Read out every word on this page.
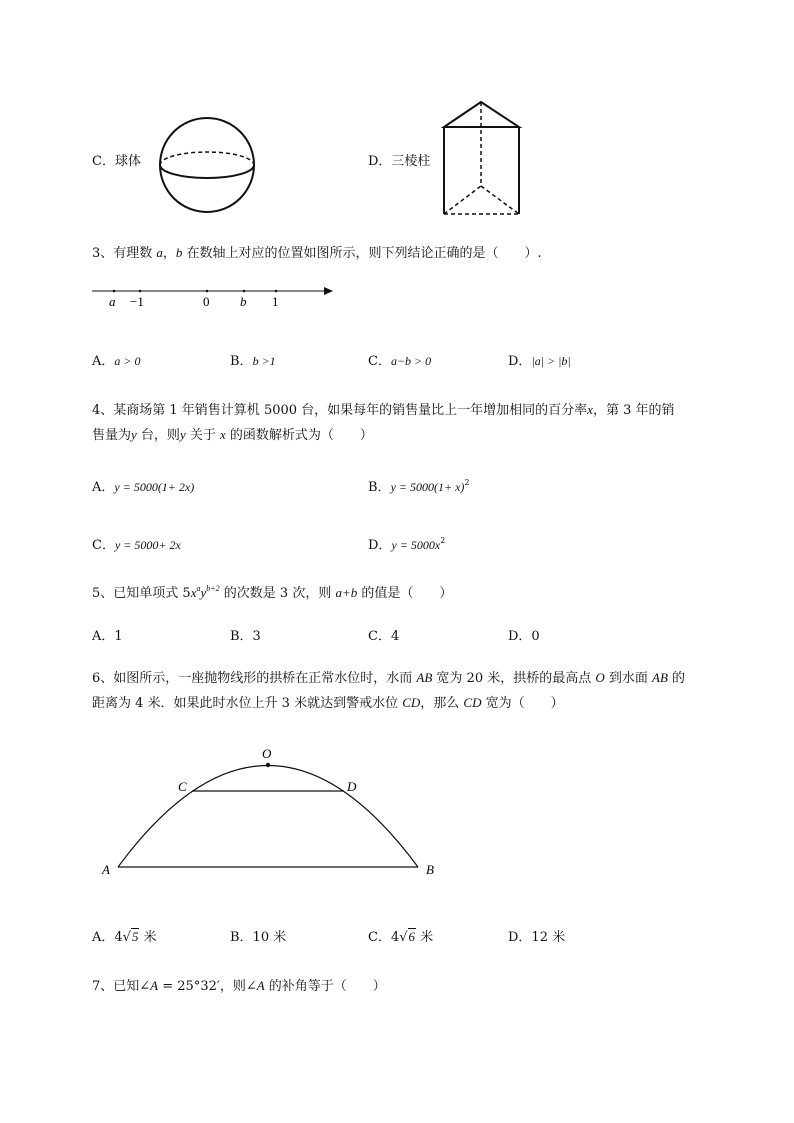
C．球体	D．三棱柱
3、有理数 a，b 在数轴上对应的位置如图所示，则下列结论正确的是（　　）.
a −1	0 b 1
A．a > 0	B．b >1	C．a−b > 0	D．|a| > |b|
4、某商场第 1 年销售计算机 5000 台，如果每年的销售量比上一年增加相同的百分率x，第 3 年的销
售量为y 台，则y 关于 x 的函数解析式为（　　）
A．y = 5000(1+ 2x)	B．$y = 5000(1+ x)^2$
C．y = 5000+ 2x	D．$y = 5000x^2$
5、已知单项式 $5x^ay^{b+2}$ 的次数是 3 次，则 a+b 的值是（　　）
A．1	B．3	C．4	D．0
6、如图所示，一座抛物线形的拱桥在正常水位时，水而 AB 宽为 20 米，拱桥的最高点 O 到水面 AB 的
距离为 4 米．如果此时水位上升 3 米就达到警戒水位 CD，那么 CD 宽为（　　）
O
C	D
A	B
A．4√5 米	B．10 米	C．4√6 米	D．12 米
7、已知∠A = 25°32′，则∠A 的补角等于（　　）
